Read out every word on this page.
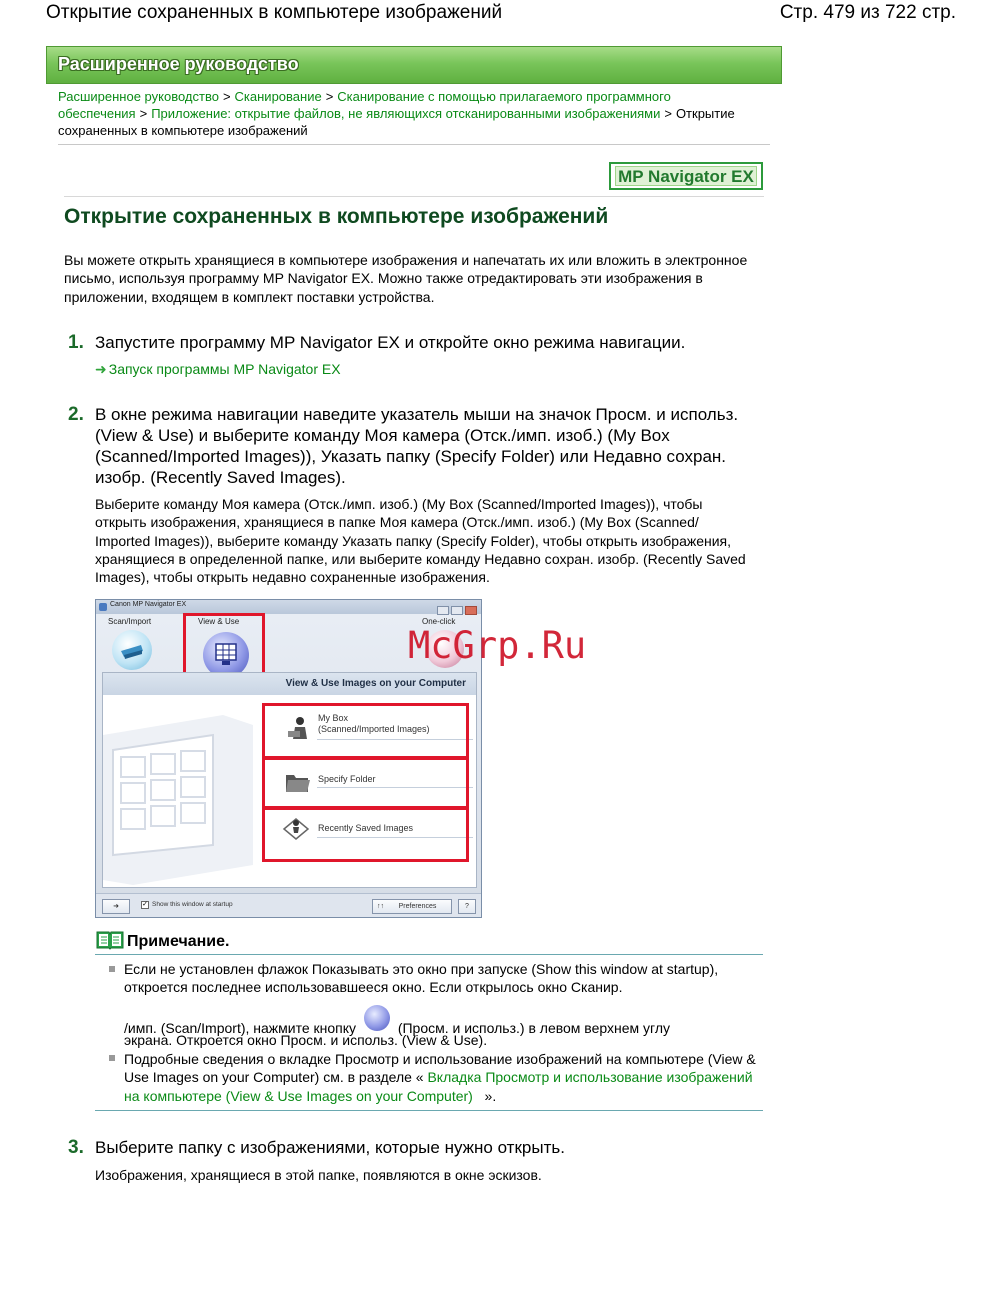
Открытие сохраненных в компьютере изображений	Стр. 479 из 722 стр.
Расширенное руководство
Расширенное руководство > Сканирование > Сканирование с помощью прилагаемого программного обеспечения > Приложение: открытие файлов, не являющихся отсканированными изображениями > Открытие сохраненных в компьютере изображений
MP Navigator EX
Открытие сохраненных в компьютере изображений
Вы можете открыть хранящиеся в компьютере изображения и напечатать их или вложить в электронное письмо, используя программу MP Navigator EX. Можно также отредактировать эти изображения в приложении, входящем в комплект поставки устройства.
1. Запустите программу MP Navigator EX и откройте окно режима навигации.
➜ Запуск программы MP Navigator EX
2. В окне режима навигации наведите указатель мыши на значок Просм. и использ. (View & Use) и выберите команду Моя камера (Отск./имп. изоб.) (My Box (Scanned/Imported Images)), Указать папку (Specify Folder) или Недавно сохран. изобр. (Recently Saved Images).
Выберите команду Моя камера (Отск./имп. изоб.) (My Box (Scanned/Imported Images)), чтобы открыть изображения, хранящиеся в папке Моя камера (Отск./имп. изоб.) (My Box (Scanned/ Imported Images)), выберите команду Указать папку (Specify Folder), чтобы открыть изображения, хранящиеся в определенной папке, или выберите команду Недавно сохран. изобр. (Recently Saved Images), чтобы открыть недавно сохраненные изображения.
Canon MP Navigator EX
Scan/Import	View & Use	One-click
View & Use Images on your Computer
My Box
(Scanned/Imported Images)
Specify Folder
Recently Saved Images
➜	✓ Show this window at startup	↑↑ Preferences	?
McGrp.Ru
Примечание.
Если не установлен флажок Показывать это окно при запуске (Show this window at startup), откроется последнее использовавшееся окно. Если открылось окно Сканир.
/имп. (Scan/Import), нажмите кнопку	(Просм. и использ.) в левом верхнем углу
экрана. Откроется окно Просм. и использ. (View & Use).
Подробные сведения о вкладке Просмотр и использование изображений на компьютере (View & Use Images on your Computer) см. в разделе « Вкладка Просмотр и использование изображений на компьютере (View & Use Images on your Computer) ».
3. Выберите папку с изображениями, которые нужно открыть.
Изображения, хранящиеся в этой папке, появляются в окне эскизов.
